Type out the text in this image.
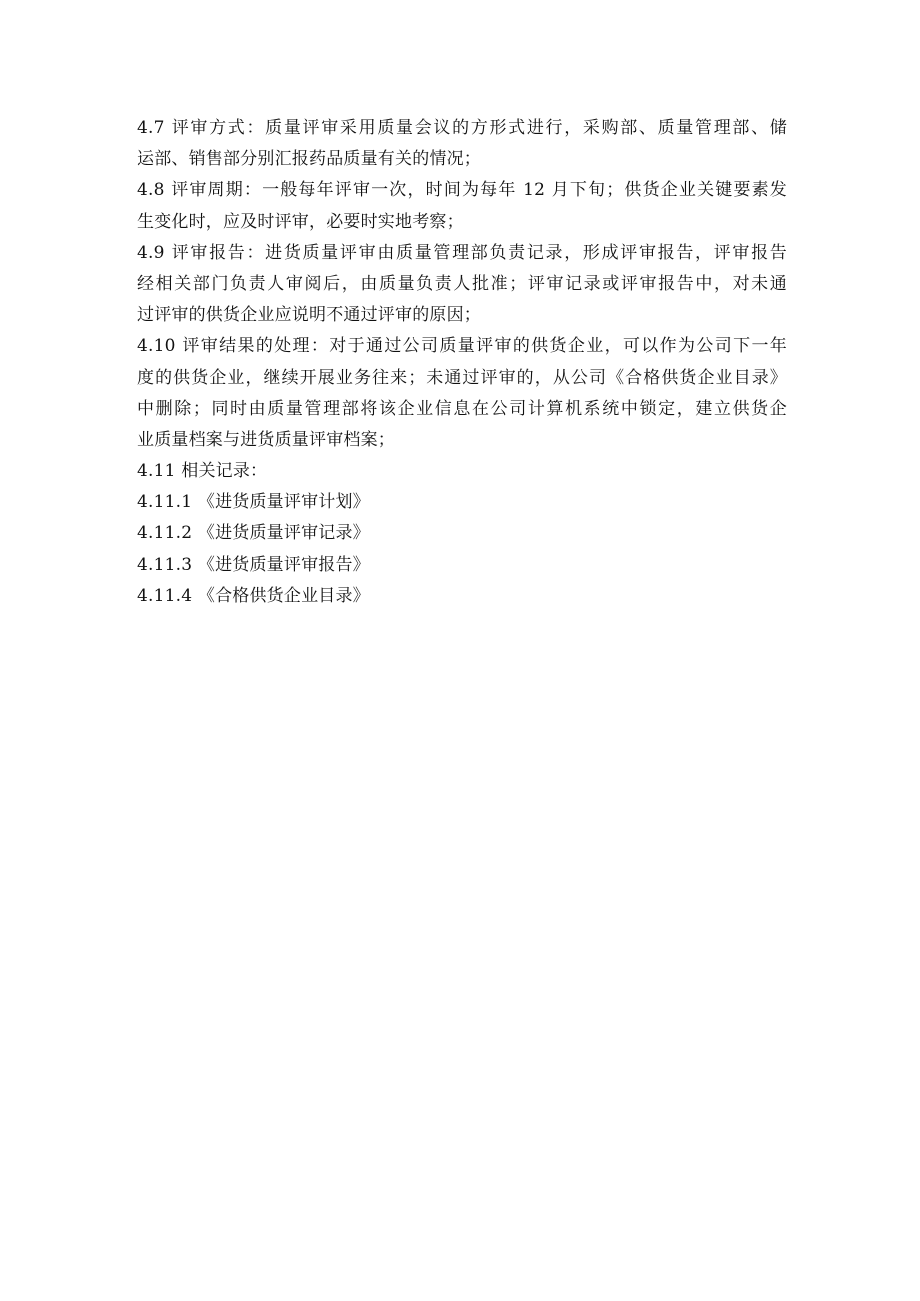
4.7 评审方式：质量评审采用质量会议的方形式进行，采购部、质量管理部、储
运部、销售部分别汇报药品质量有关的情况；
4.8 评审周期：一般每年评审一次，时间为每年 12 月下旬；供货企业关键要素发
生变化时，应及时评审，必要时实地考察；
4.9 评审报告：进货质量评审由质量管理部负责记录，形成评审报告，评审报告
经相关部门负责人审阅后，由质量负责人批准；评审记录或评审报告中，对未通
过评审的供货企业应说明不通过评审的原因；
4.10 评审结果的处理：对于通过公司质量评审的供货企业，可以作为公司下一年
度的供货企业，继续开展业务往来；未通过评审的，从公司《合格供货企业目录》
中删除；同时由质量管理部将该企业信息在公司计算机系统中锁定，建立供货企
业质量档案与进货质量评审档案；
4.11 相关记录：
4.11.1 《进货质量评审计划》
4.11.2 《进货质量评审记录》
4.11.3 《进货质量评审报告》
4.11.4 《合格供货企业目录》
